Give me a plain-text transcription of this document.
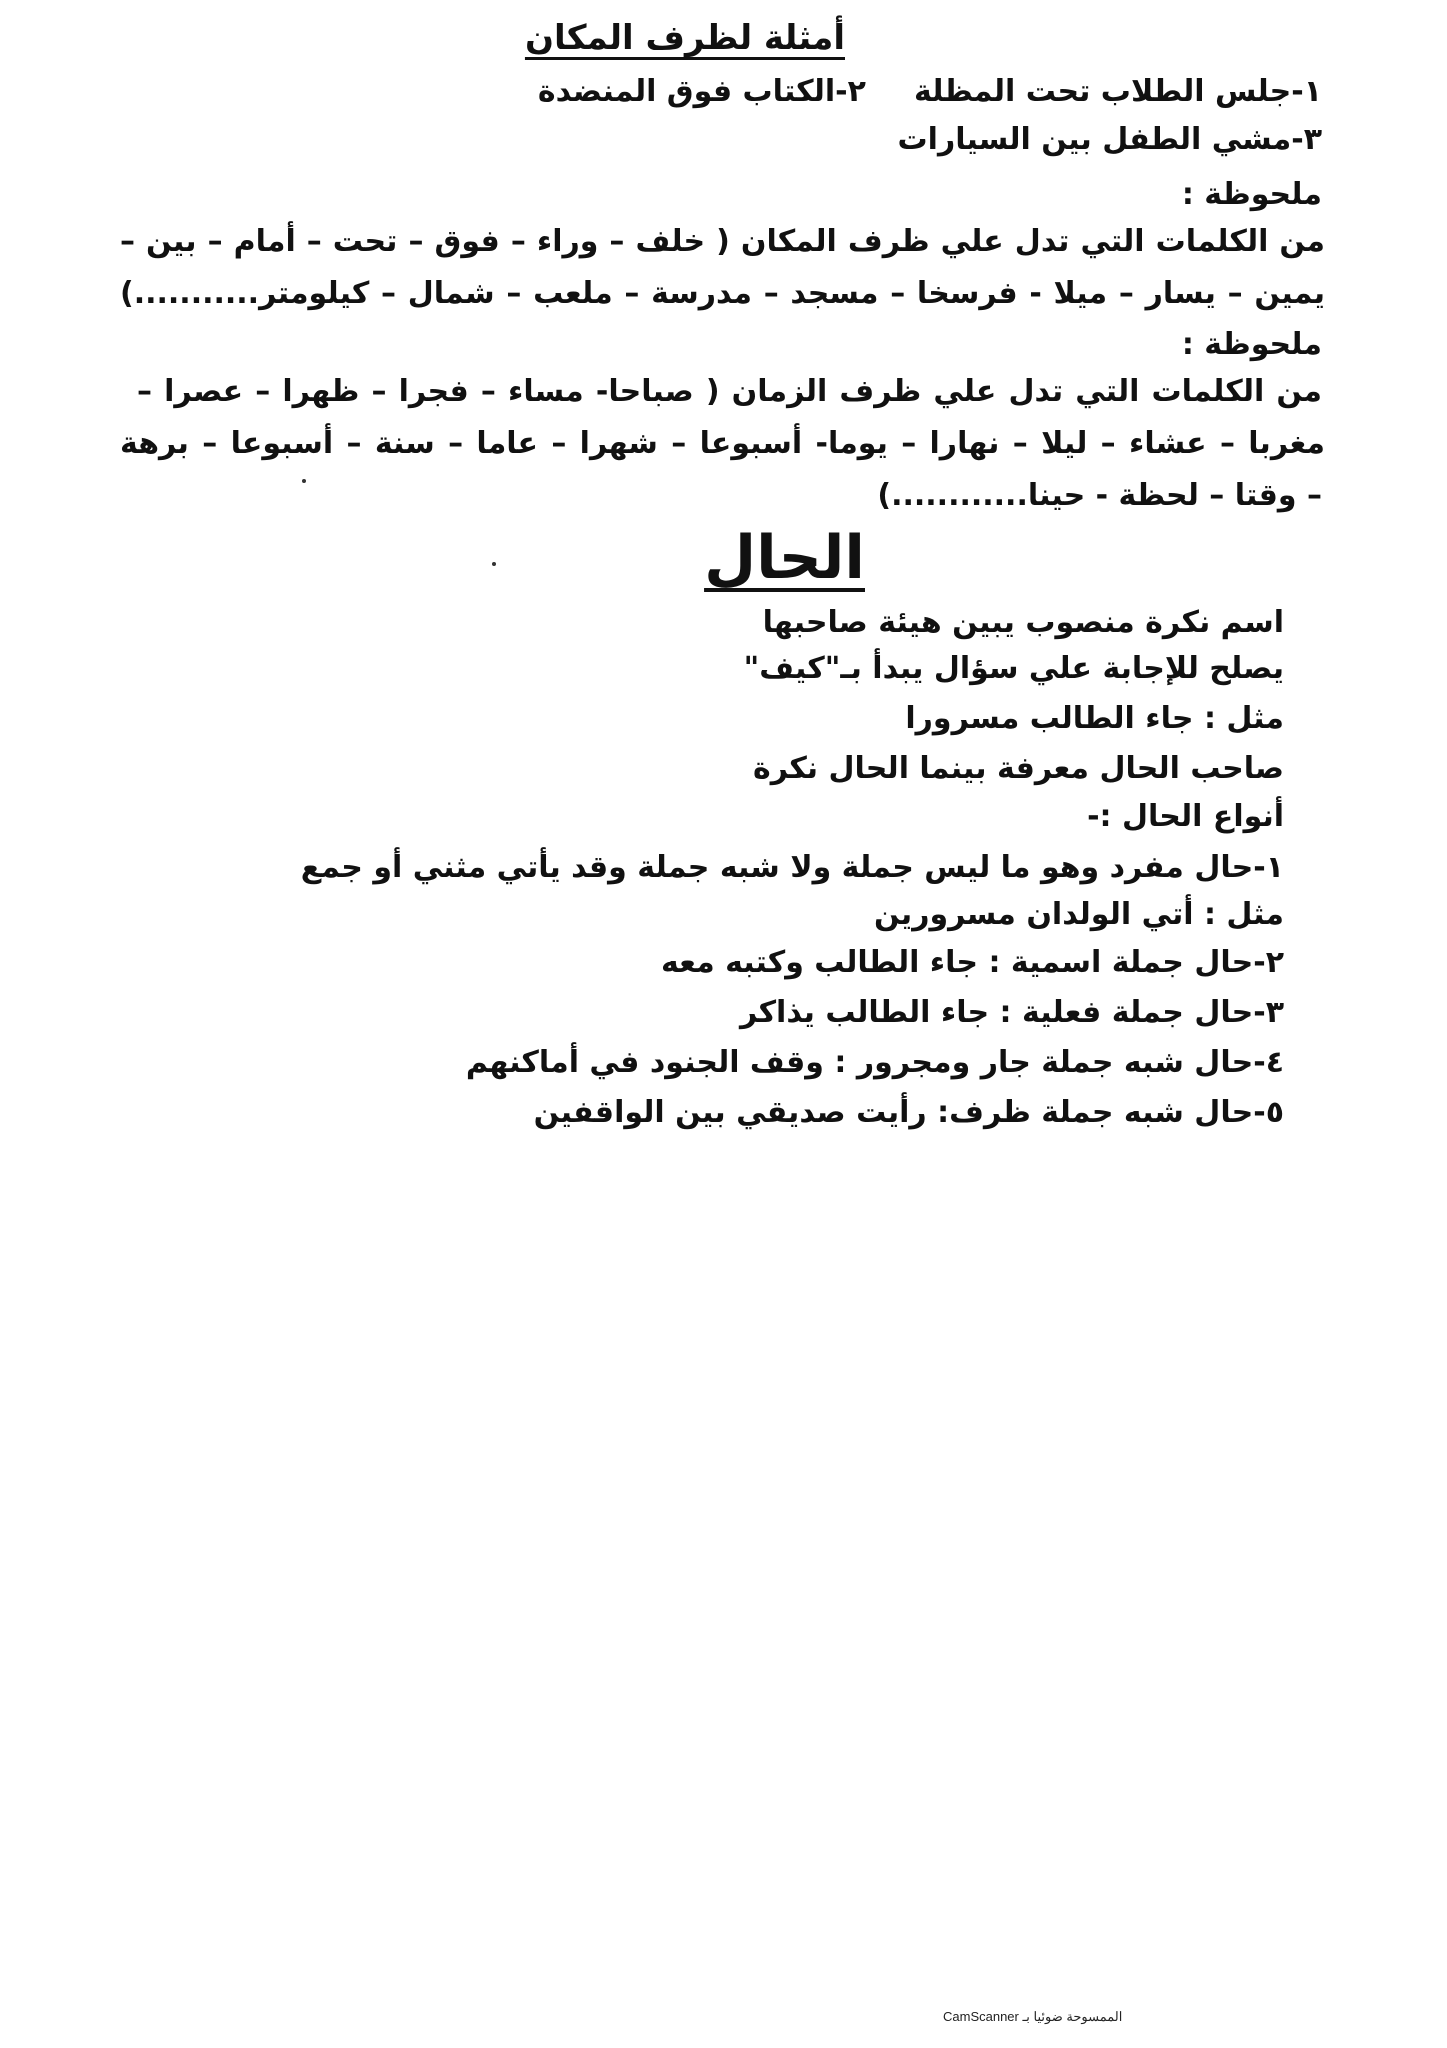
أمثلة لظرف المكان
١-جلس الطلاب تحت المظلة٢-الكتاب فوق المنضدة
٣-مشي الطفل بين السيارات
ملحوظة :
من الكلمات التي تدل علي ظرف المكان ( خلف – وراء – فوق – تحت – أمام – بين –
يمين – يسار – ميلا - فرسخا – مسجد – مدرسة – ملعب – شمال – كيلومتر...........)
ملحوظة :
من الكلمات التي تدل علي ظرف الزمان ( صباحا- مساء – فجرا – ظهرا – عصرا –
مغربا – عشاء – ليلا – نهارا – يوما- أسبوعا – شهرا – عاما – سنة – أسبوعا – برهة
– وقتا – لحظة - حينا............)
الحال
اسم نكرة منصوب يبين هيئة صاحبها
يصلح للإجابة علي سؤال يبدأ بـ"كيف"
مثل : جاء الطالب مسرورا
صاحب الحال معرفة بينما الحال نكرة
أنواع الحال :-
١-حال مفرد وهو ما ليس جملة ولا شبه جملة وقد يأتي مثني أو جمع
مثل : أتي الولدان مسرورين
٢-حال جملة اسمية : جاء الطالب وكتبه معه
٣-حال جملة فعلية : جاء الطالب يذاكر
٤-حال شبه جملة جار ومجرور : وقف الجنود في أماكنهم
٥-حال شبه جملة ظرف: رأيت صديقي بين الواقفين
الممسوحة ضوئيا بـ CamScanner
